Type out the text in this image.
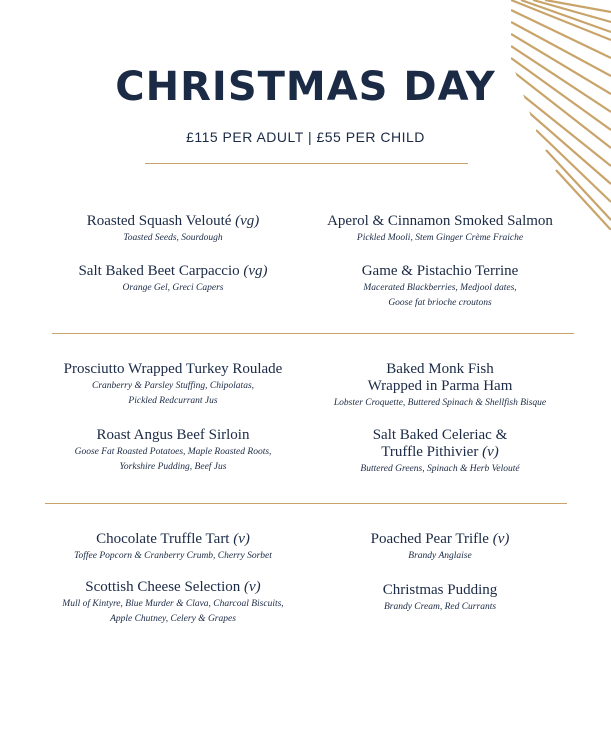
CHRISTMAS DAY
£115 PER ADULT | £55 PER CHILD
Roasted Squash Velouté (vg)
Toasted Seeds, Sourdough
Aperol & Cinnamon Smoked Salmon
Pickled Mooli, Stem Ginger Crème Fraiche
Salt Baked Beet Carpaccio (vg)
Orange Gel, Greci Capers
Game & Pistachio Terrine
Macerated Blackberries, Medjool dates,
Goose fat brioche croutons
Prosciutto Wrapped Turkey Roulade
Cranberry & Parsley Stuffing, Chipolatas,
Pickled Redcurrant Jus
Baked Monk Fish
Wrapped in Parma Ham
Lobster Croquette, Buttered Spinach & Shellfish Bisque
Roast Angus Beef Sirloin
Goose Fat Roasted Potatoes, Maple Roasted Roots,
Yorkshire Pudding, Beef Jus
Salt Baked Celeriac &
Truffle Pithivier (v)
Buttered Greens, Spinach & Herb Velouté
Chocolate Truffle Tart (v)
Toffee Popcorn & Cranberry Crumb, Cherry Sorbet
Poached Pear Trifle (v)
Brandy Anglaise
Scottish Cheese Selection (v)
Mull of Kintyre, Blue Murder & Clava, Charcoal Biscuits,
Apple Chutney, Celery & Grapes
Christmas Pudding
Brandy Cream, Red Currants
